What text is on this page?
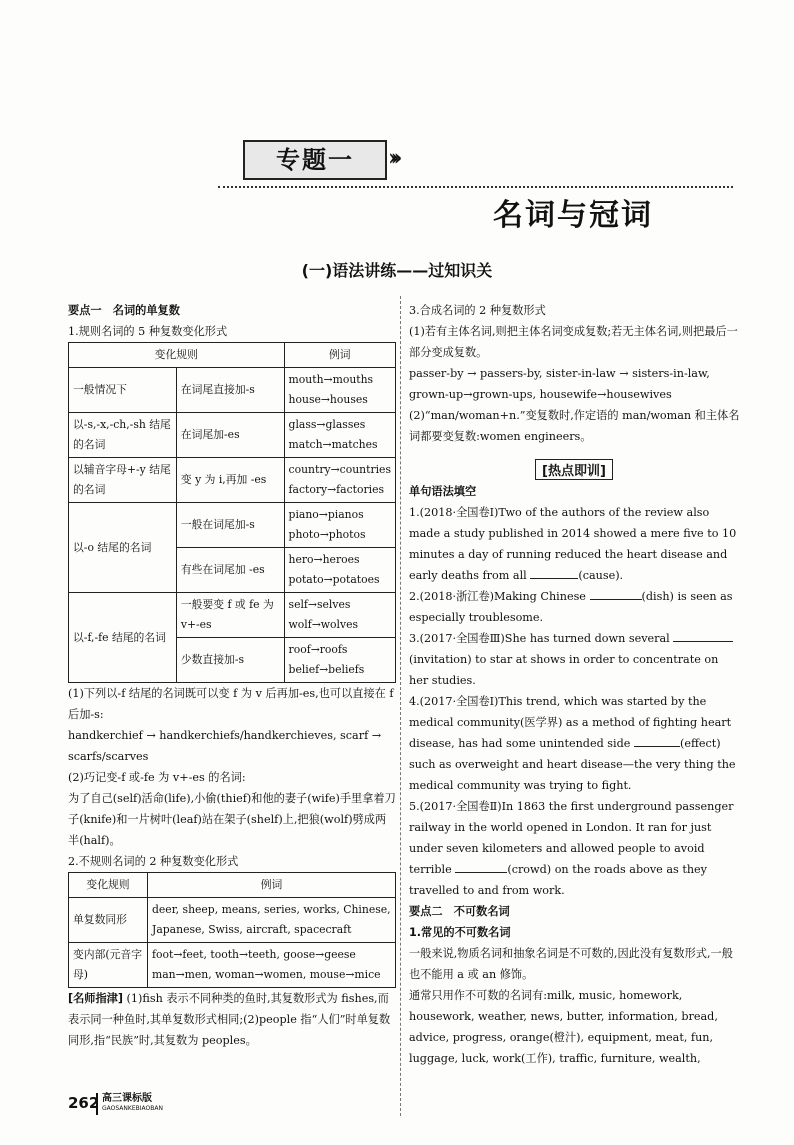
专题一	›››
名词与冠词
(一)语法讲练——过知识关

要点一　名词的单复数

1.规则名词的 5 种复数变化形式

变化规则		例词
一般情况下	在词尾直接加-s	mouth→mouths
house→houses

以-s,-x,-ch,-sh 结尾的名词	在词尾加-es	glass→glasses
match→matches

以辅音字母+-y 结尾的名词	变 y 为 i,再加 -es	country→countries
factory→factories

以-o 结尾的名词	一般在词尾加-s	piano→pianos
photo→photos

	有些在词尾加 -es	hero→heroes
potato→potatoes

以-f,-fe 结尾的名词	一般要变 f 或 fe 为 v+-es	self→selves
wolf→wolves

	少数直接加-s	roof→roofs
belief→beliefs

(1)下列以-f 结尾的名词既可以变 f 为 v 后再加-es,也可以直接在 f 后加-s:

handkerchief → handkerchiefs/handkerchieves, scarf → scarfs/scarves

(2)巧记变-f 或-fe 为 v+-es 的名词:

为了自己(self)活命(life),小偷(thief)和他的妻子(wife)手里拿着刀子(knife)和一片树叶(leaf)站在架子(shelf)上,把狼(wolf)劈成两半(half)。

2.不规则名词的 2 种复数变化形式

变化规则	例词
单复数同形	deer, sheep, means, series, works, Chinese, Japanese, Swiss, aircraft, spacecraft
变内部(元音字母)	foot→feet, tooth→teeth, goose→geese man→men, woman→women, mouse→mice

[名师指津] (1)fish 表示不同种类的鱼时,其复数形式为 fishes,而表示同一种鱼时,其单复数形式相同;(2)people 指“人们”时单复数同形,指“民族”时,其复数为 peoples。

3.合成名词的 2 种复数形式

(1)若有主体名词,则把主体名词变成复数;若无主体名词,则把最后一部分变成复数。

passer-by → passers-by, sister-in-law → sisters-in-law, grown-up→grown-ups, housewife→housewives

(2)“man/woman+n.”变复数时,作定语的 man/woman 和主体名词都要变复数:women engineers。

单句语法填空

1.(2018·全国卷Ⅰ)Two of the authors of the review also made a study published in 2014 showed a mere five to 10 minutes a day of running reduced the heart disease and early deaths from all	(cause).

2.(2018·浙江卷)Making Chinese	(dish) is seen as especially troublesome.

3.(2017·全国卷Ⅲ)She has turned down several (invitation) to star at shows in order to concentrate on her studies.

4.(2017·全国卷Ⅰ)This trend, which was started by the medical community(医学界) as a method of fighting heart disease, has had some unintended side	(effect) such as overweight and heart disease—the very thing the medical community was trying to fight.

5.(2017·全国卷Ⅱ)In 1863 the first underground passenger railway in the world opened in London. It ran for just under seven kilometers and allowed people to avoid terrible	(crowd) on the roads above as they travelled to and from work.

要点二　不可数名词

1.常见的不可数名词

一般来说,物质名词和抽象名词是不可数的,因此没有复数形式,一般也不能用 a 或 an 修饰。

通常只用作不可数的名词有:milk, music, homework, housework, weather, news, butter, information, bread, advice, progress, orange(橙汁), equipment, meat, fun, luggage, luck, work(工作), traffic, furniture, wealth,

[热点即训]
262 高三课标版
GAOSANKEBIAOBAN
